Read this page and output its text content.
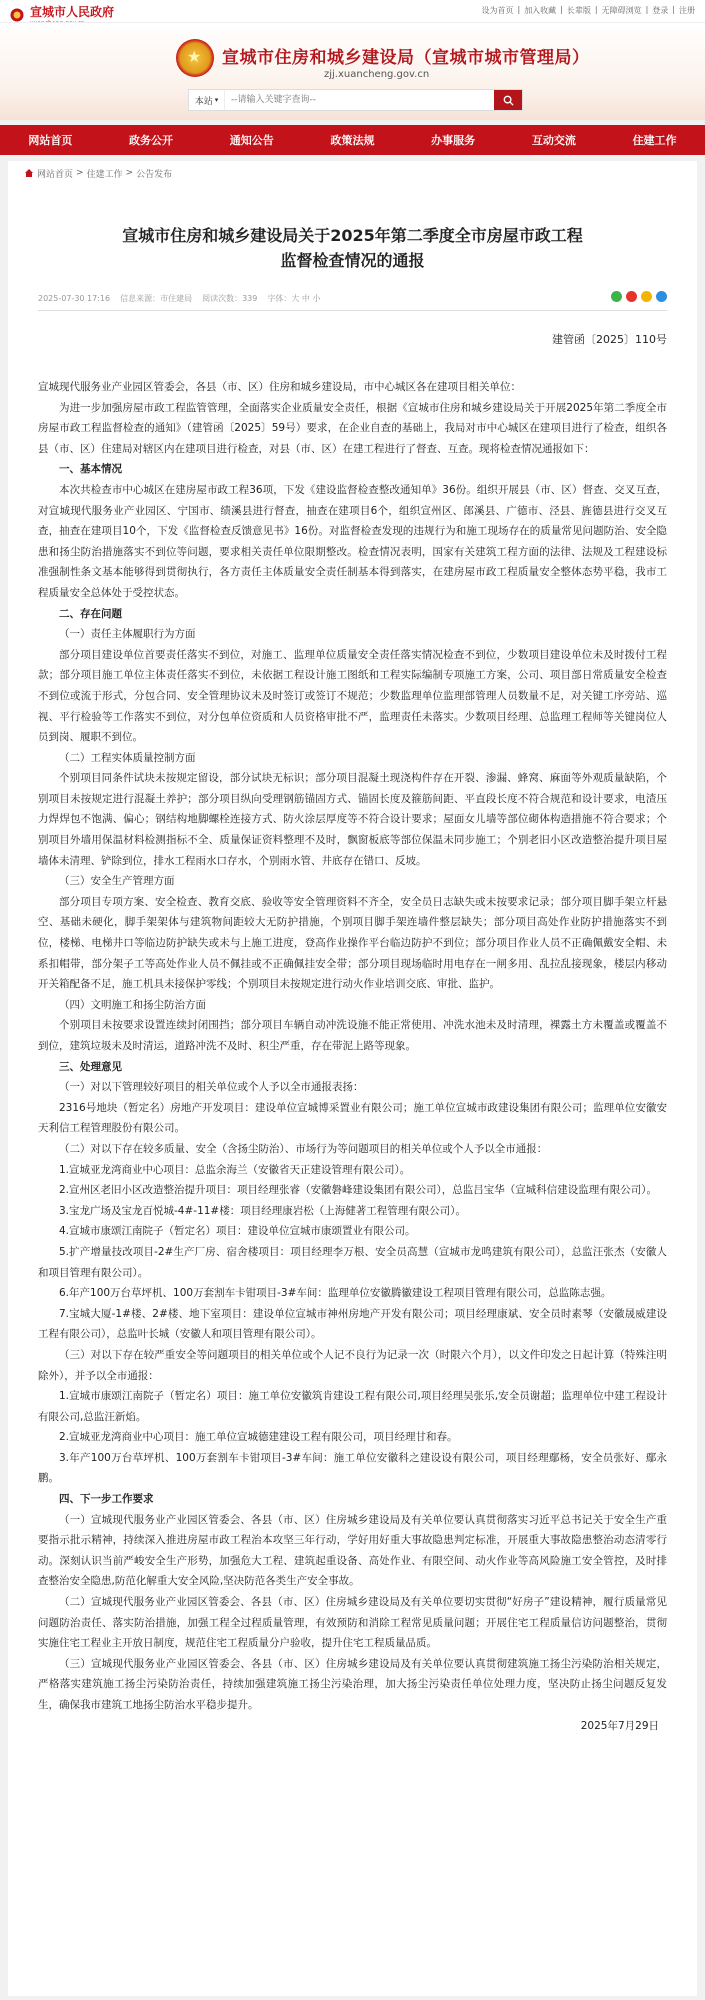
宣城市人民政府	设为首页 | 加入收藏 | 长辈版 | 无障碍浏览 | 登录 | 注册
★
宣城市住房和城乡建设局（宣城市城市管理局）
zjj.xuancheng.gov.cn
本站 ▾
--请输入关键字查询--
网站首页	政务公开	通知公告	政策法规	办事服务	互动交流	住建工作
网站首页 > 住建工作 > 公告发布
宣城市住房和城乡建设局关于2025年第二季度全市房屋市政工程
监督检查情况的通报
2025-07-30 17:16 信息来源：市住建局 阅读次数：339 字体：大 中 小
建管函〔2025〕110号

宣城现代服务业产业园区管委会，各县（市、区）住房和城乡建设局，市中心城区各在建项目相关单位：

为进一步加强房屋市政工程监管管理，全面落实企业质量安全责任，根据《宣城市住房和城乡建设局关于开展2025年第二季度全市房屋市政工程监督检查的通知》（建管函〔2025〕59号）要求，在企业自查的基础上，我局对市中心城区在建项目进行了检查，组织各县（市、区）住建局对辖区内在建项目进行检查，对县（市、区）在建工程进行了督查、互查。现将检查情况通报如下：

一、基本情况

本次共检查市中心城区在建房屋市政工程36项，下发《建设监督检查整改通知单》36份。组织开展县（市、区）督查、交叉互查，对宣城现代服务业产业园区、宁国市、绩溪县进行督查，抽查在建项目6个，组织宣州区、郎溪县、广德市、泾县、旌德县进行交叉互查，抽查在建项目10个，下发《监督检查反馈意见书》16份。对监督检查发现的违规行为和施工现场存在的质量常见问题防治、安全隐患和扬尘防治措施落实不到位等问题，要求相关责任单位限期整改。检查情况表明，国家有关建筑工程方面的法律、法规及工程建设标准强制性条文基本能够得到贯彻执行，各方责任主体质量安全责任制基本得到落实，在建房屋市政工程质量安全整体态势平稳，我市工程质量安全总体处于受控状态。

二、存在问题

（一）责任主体履职行为方面

部分项目建设单位首要责任落实不到位，对施工、监理单位质量安全责任落实情况检查不到位，少数项目建设单位未及时拨付工程款；部分项目施工单位主体责任落实不到位，未依据工程设计施工图纸和工程实际编制专项施工方案，公司、项目部日常质量安全检查不到位或流于形式，分包合同、安全管理协议未及时签订或签订不规范；少数监理单位监理部管理人员数量不足，对关键工序旁站、巡视、平行检验等工作落实不到位，对分包单位资质和人员资格审批不严，监理责任未落实。少数项目经理、总监理工程师等关键岗位人员到岗、履职不到位。

（二）工程实体质量控制方面

个别项目同条件试块未按规定留设，部分试块无标识；部分项目混凝土现浇构件存在开裂、渗漏、蜂窝、麻面等外观质量缺陷，个别项目未按规定进行混凝土养护；部分项目纵向受理钢筋锚固方式、锚固长度及箍筋间距、平直段长度不符合规范和设计要求，电渣压力焊焊包不饱满、偏心；钢结构地脚螺栓连接方式、防火涂层厚度等不符合设计要求；屋面女儿墙等部位砌体构造措施不符合要求；个别项目外墙用保温材料检测指标不全、质量保证资料整理不及时，飘窗板底等部位保温未同步施工；个别老旧小区改造整治提升项目屋墙体未清理、铲除到位，排水工程雨水口存水，个别雨水管、井底存在错口、反坡。

（三）安全生产管理方面

部分项目专项方案、安全检查、教育交底、验收等安全管理资料不齐全，安全员日志缺失或未按要求记录；部分项目脚手架立杆悬空、基础未硬化，脚手架架体与建筑物间距较大无防护措施，个别项目脚手架连墙件整层缺失；部分项目高处作业防护措施落实不到位，楼梯、电梯井口等临边防护缺失或未与上施工进度，登高作业操作平台临边防护不到位；部分项目作业人员不正确佩戴安全帽、未系扣帽带，部分架子工等高处作业人员不佩挂或不正确佩挂安全带；部分项目现场临时用电存在一闸多用、乱拉乱接现象，楼层内移动开关箱配备不足，施工机具未接保护零线；个别项目未按规定进行动火作业培训交底、审批、监护。

（四）文明施工和扬尘防治方面

个别项目未按要求设置连续封闭围挡；部分项目车辆自动冲洗设施不能正常使用、冲洗水池未及时清理，裸露土方未覆盖或覆盖不到位，建筑垃圾未及时清运，道路冲洗不及时、积尘严重，存在带泥上路等现象。

三、处理意见

（一）对以下管理较好项目的相关单位或个人予以全市通报表扬：

2316号地块（暂定名）房地产开发项目：建设单位宣城博采置业有限公司；施工单位宣城市政建设集团有限公司；监理单位安徽安天利信工程管理股份有限公司。

（二）对以下存在较多质量、安全（含扬尘防治）、市场行为等问题项目的相关单位或个人予以全市通报：

1.宣城亚龙湾商业中心项目：总监余海兰（安徽省天正建设管理有限公司）。

2.宣州区老旧小区改造整治提升项目：项目经理张睿（安徽磐峰建设集团有限公司），总监吕宝华（宣城科信建设监理有限公司）。

3.宝龙广场及宝龙百悦城-4#-11#楼：项目经理康岩松（上海健著工程管理有限公司）。

4.宣城市康颂江南院子（暂定名）项目：建设单位宣城市康颂置业有限公司。

5.扩产增量技改项目-2#生产厂房、宿舍楼项目：项目经理李万根、安全员高慧（宣城市龙鸣建筑有限公司），总监汪张杰（安徽人和项目管理有限公司）。

6.年产100万台草坪机、100万套割车卡钳项目-3#车间：监理单位安徽腾徽建设工程项目管理有限公司，总监陈志强。

7.宝城大厦-1#楼、2#楼、地下室项目：建设单位宣城市神州房地产开发有限公司；项目经理康斌、安全员时素琴（安徽晟威建设工程有限公司），总监叶长城（安徽人和项目管理有限公司）。

（三）对以下存在较严重安全等问题项目的相关单位或个人记不良行为记录一次（时限六个月），以文件印发之日起计算（特殊注明除外），并予以全市通报：

1.宣城市康颂江南院子（暂定名）项目：施工单位安徽筑肯建设工程有限公司,项目经理吴张乐,安全员谢超；监理单位中建工程设计有限公司,总监汪新焰。

2.宣城亚龙湾商业中心项目：施工单位宣城德建建设工程有限公司，项目经理甘和春。

3.年产100万台草坪机、100万套割车卡钳项目-3#车间：施工单位安徽科之建设设有限公司，项目经理鄢杨，安全员张好、鄢永鹏。

四、下一步工作要求

（一）宣城现代服务业产业园区管委会、各县（市、区）住房城乡建设局及有关单位要认真贯彻落实习近平总书记关于安全生产重要指示批示精神，持续深入推进房屋市政工程治本攻坚三年行动，学好用好重大事故隐患判定标准，开展重大事故隐患整治动态清零行动。深刻认识当前严峻安全生产形势，加强危大工程、建筑起重设备、高处作业、有限空间、动火作业等高风险施工安全管控，及时排查整治安全隐患,防范化解重大安全风险,坚决防范各类生产安全事故。

（二）宣城现代服务业产业园区管委会、各县（市、区）住房城乡建设局及有关单位要切实贯彻“好房子”建设精神，履行质量常见问题防治责任、落实防治措施，加强工程全过程质量管理，有效预防和消除工程常见质量问题；开展住宅工程质量信访问题整治，贯彻实施住宅工程业主开放日制度，规范住宅工程质量分户验收，提升住宅工程质量品质。

（三）宣城现代服务业产业园区管委会、各县（市、区）住房城乡建设局及有关单位要认真贯彻建筑施工扬尘污染防治相关规定，严格落实建筑施工扬尘污染防治责任，持续加强建筑施工扬尘污染治理，加大扬尘污染责任单位处理力度，坚决防止扬尘问题反复发生，确保我市建筑工地扬尘防治水平稳步提升。

2025年7月29日
